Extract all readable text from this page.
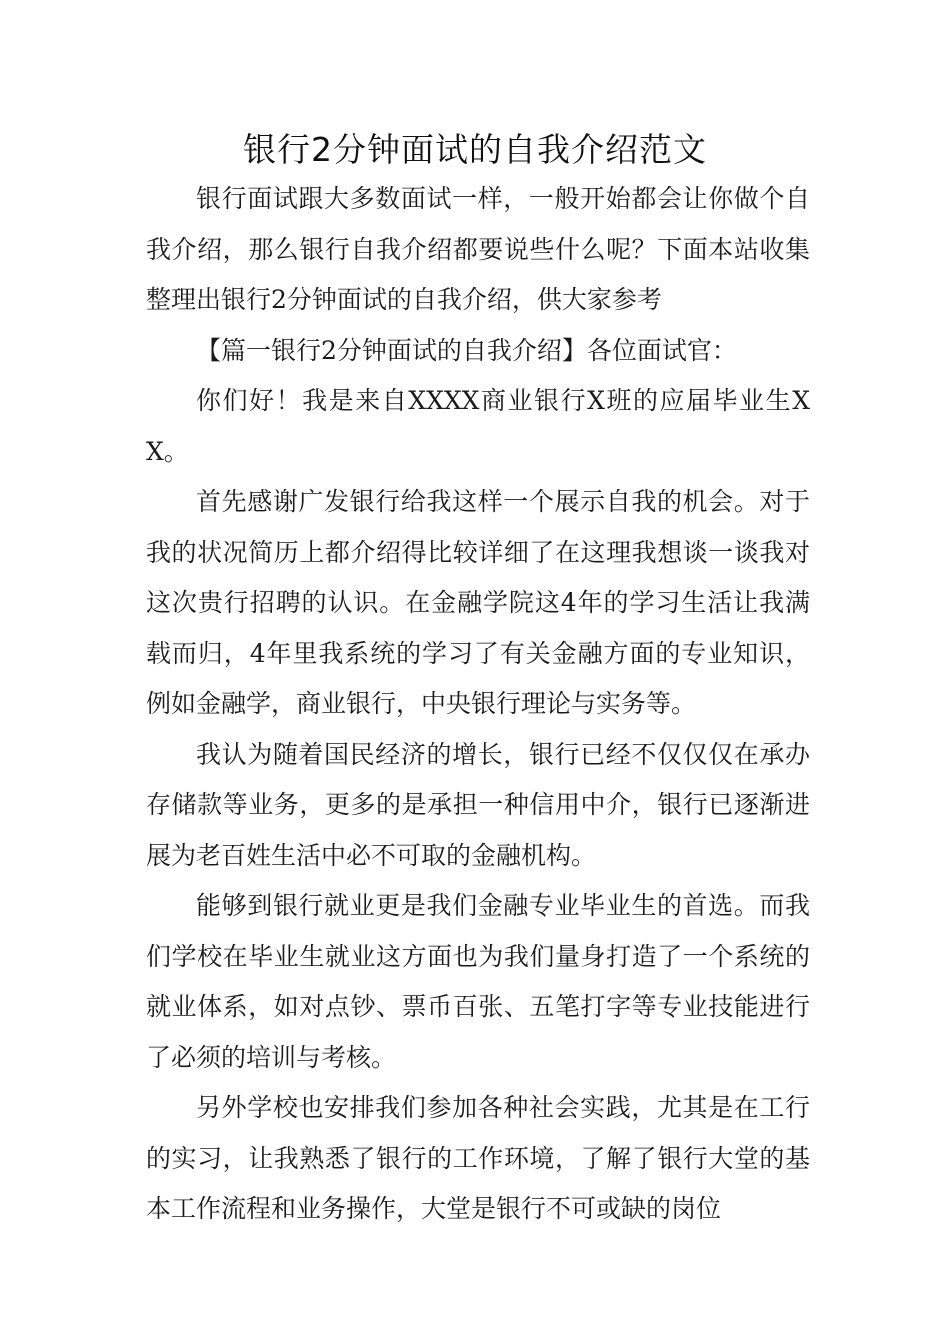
银行2分钟面试的自我介绍范文

银行面试跟大多数面试一样，一般开始都会让你做个自我介绍，那么银行自我介绍都要说些什么呢？下面本站收集整理出银行2分钟面试的自我介绍，供大家参考

【篇一银行2分钟面试的自我介绍】各位面试官：

你们好！我是来自XXXX商业银行X班的应届毕业生XX。

首先感谢广发银行给我这样一个展示自我的机会。对于我的状况简历上都介绍得比较详细了在这理我想谈一谈我对这次贵行招聘的认识。在金融学院这4年的学习生活让我满载而归，4年里我系统的学习了有关金融方面的专业知识，例如金融学，商业银行，中央银行理论与实务等。

我认为随着国民经济的增长，银行已经不仅仅仅在承办存储款等业务，更多的是承担一种信用中介，银行已逐渐进展为老百姓生活中必不可取的金融机构。

能够到银行就业更是我们金融专业毕业生的首选。而我们学校在毕业生就业这方面也为我们量身打造了一个系统的就业体系，如对点钞、票币百张、五笔打字等专业技能进行了必须的培训与考核。

另外学校也安排我们参加各种社会实践，尤其是在工行的实习，让我熟悉了银行的工作环境，了解了银行大堂的基本工作流程和业务操作，大堂是银行不可或缺的岗位
